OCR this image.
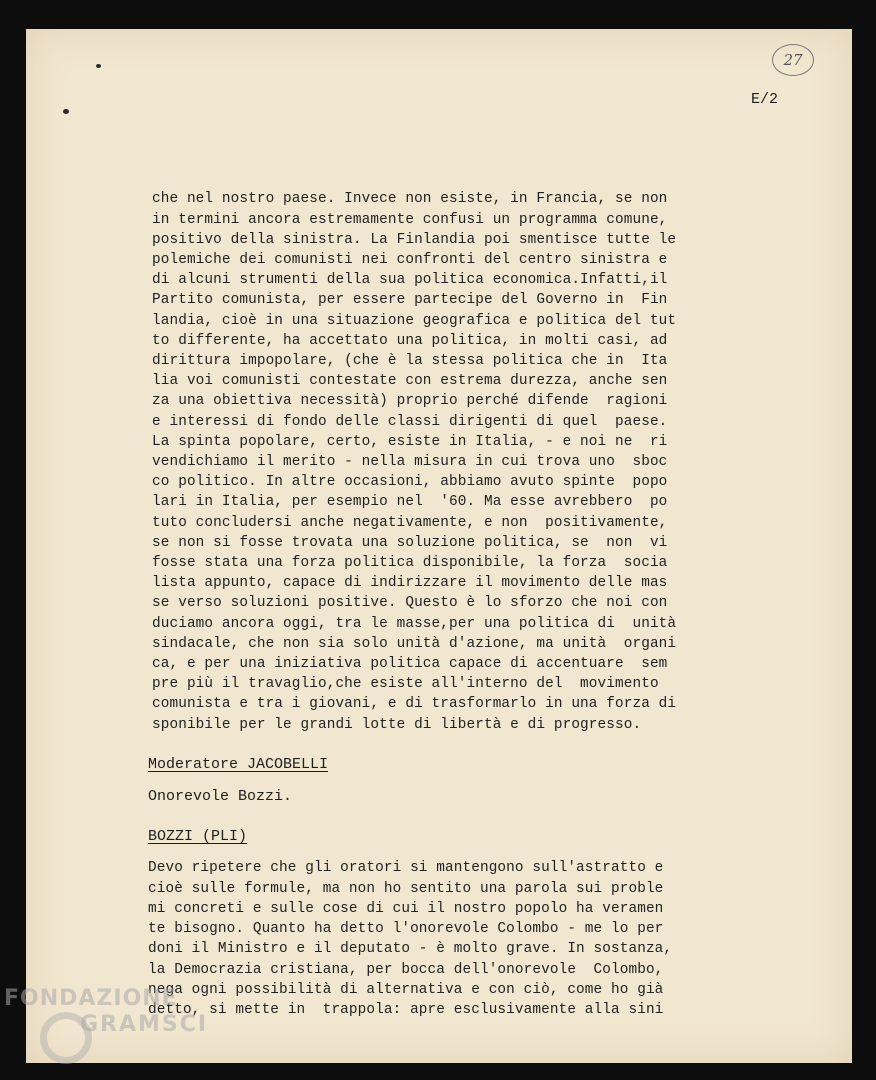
27
E/2
che nel nostro paese. Invece non esiste, in Francia, se non
in termini ancora estremamente confusi un programma comune,
positivo della sinistra. La Finlandia poi smentisce tutte le
polemiche dei comunisti nei confronti del centro sinistra e
di alcuni strumenti della sua politica economica.Infatti,il
Partito comunista, per essere partecipe del Governo in  Fin
landia, cioè in una situazione geografica e politica del tut
to differente, ha accettato una politica, in molti casi, ad
dirittura impopolare, (che è la stessa politica che in  Ita
lia voi comunisti contestate con estrema durezza, anche sen
za una obiettiva necessità) proprio perché difende  ragioni
e interessi di fondo delle classi dirigenti di quel  paese.
La spinta popolare, certo, esiste in Italia, - e noi ne  ri
vendichiamo il merito - nella misura in cui trova uno  sboc
co politico. In altre occasioni, abbiamo avuto spinte  popo
lari in Italia, per esempio nel  '60. Ma esse avrebbero  po
tuto concludersi anche negativamente, e non  positivamente,
se non si fosse trovata una soluzione politica, se  non  vi
fosse stata una forza politica disponibile, la forza  socia
lista appunto, capace di indirizzare il movimento delle mas
se verso soluzioni positive. Questo è lo sforzo che noi con
duciamo ancora oggi, tra le masse,per una politica di  unità
sindacale, che non sia solo unità d'azione, ma unità  organi
ca, e per una iniziativa politica capace di accentuare  sem
pre più il travaglio,che esiste all'interno del  movimento
comunista e tra i giovani, e di trasformarlo in una forza di
sponibile per le grandi lotte di libertà e di progresso.
Moderatore JACOBELLI
Onorevole Bozzi.
BOZZI (PLI)
Devo ripetere che gli oratori si mantengono sull'astratto e
cioè sulle formule, ma non ho sentito una parola sui proble
mi concreti e sulle cose di cui il nostro popolo ha veramen
te bisogno. Quanto ha detto l'onorevole Colombo - me lo per
doni il Ministro e il deputato - è molto grave. In sostanza,
la Democrazia cristiana, per bocca dell'onorevole  Colombo,
nega ogni possibilità di alternativa e con ciò, come ho già
detto, si mette in  trappola: apre esclusivamente alla sini
FONDAZIONE
GRAMSCI
